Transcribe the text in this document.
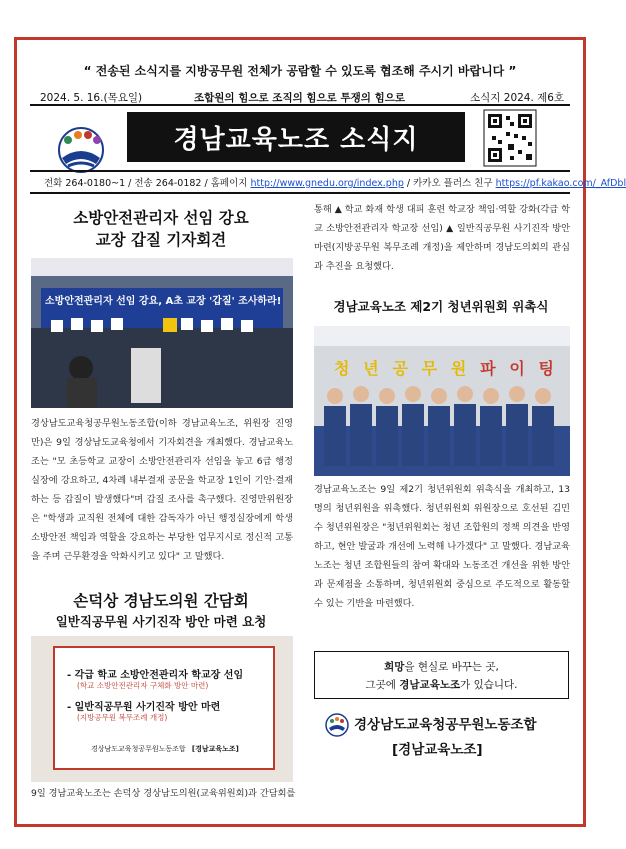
“ 전송된 소식지를 지방공무원 전체가 공람할 수 있도록 협조해 주시기 바랍니다 ”
2024. 5. 16.(목요일)	조합원의 힘으로 조직의 힘으로 투쟁의 힘으로	소식지 2024. 제6호
경남교육노조 소식지
전화 264-0180~1 / 전송 264-0182 / 홈페이지 http://www.gnedu.org/index.php / 카카오 플러스 친구 https://pf.kakao.com/_AfDbl
소방안전관리자 선임 강요
교장 갑질 기자회견
소방안전관리자 선임 강요, A초 교장 '갑질' 조사하라!
경상남도교육청공무원노동조합(이하 경남교육노조, 위원장 진영만)은 9일 경상남도교육청에서 기자회견을 개최했다. 경남교육노조는 "모 초등학교 교장이 소방안전관리자 선임을 놓고 6급 행정실장에 강요하고, 4차례 내부결재 공문을 학교장 1인이 기안·결재하는 등 갑질이 발생했다"며 갑질 조사를 촉구했다. 진영만위원장은 "학생과 교직원 전체에 대한 감독자가 아닌 행정실장에게 학생 소방안전 책임과 역할을 강요하는 부당한 업무지시로 정신적 고통을 주며 근무환경을 악화시키고 있다" 고 말했다.
손덕상 경남도의원 간담회
일반직공무원 사기진작 방안 마련 요청
- 각급 학교 소방안전관리자 학교장 선임
(학교 소방안전관리자 구체화 방안 마련)
- 일반직공무원 사기진작 방안 마련
(지방공무원 복무조례 개정)
경상남도교육청공무원노동조합 [경남교육노조]
9일 경남교육노조는 손덕상 경상남도의원(교육위원회)과 간담회를
통해 ▲ 학교 화재 학생 대피 훈련 학교장 책임·역할 강화(각급 학교 소방안전관리자 학교장 선임) ▲ 일반직공무원 사기진작 방안 마련(지방공무원 복무조례 개정)을 제안하며 경남도의회의 관심과 추진을 요청했다.
경남교육노조 제2기 청년위원회 위촉식
청 년 공 무 원 파 이 팅
경남교육노조는 9일 제2기 청년위원회 위촉식을 개최하고, 13명의 청년위원을 위촉했다. 청년위원회 위원장으로 호선된 김민수 청년위원장은 "청년위원회는 청년 조합원의 정책 의견을 반영하고, 현안 발굴과 개선에 노력해 나가겠다" 고 말했다. 경남교육노조는 청년 조합원들의 참여 확대와 노동조건 개선을 위한 방안과 문제점을 소통하며, 청년위원회 중심으로 주도적으로 활동할 수 있는 기반을 마련했다.
희망을 현실로 바꾸는 곳,
그곳에 경남교육노조가 있습니다.
경상남도교육청공무원노동조합
[경남교육노조]
